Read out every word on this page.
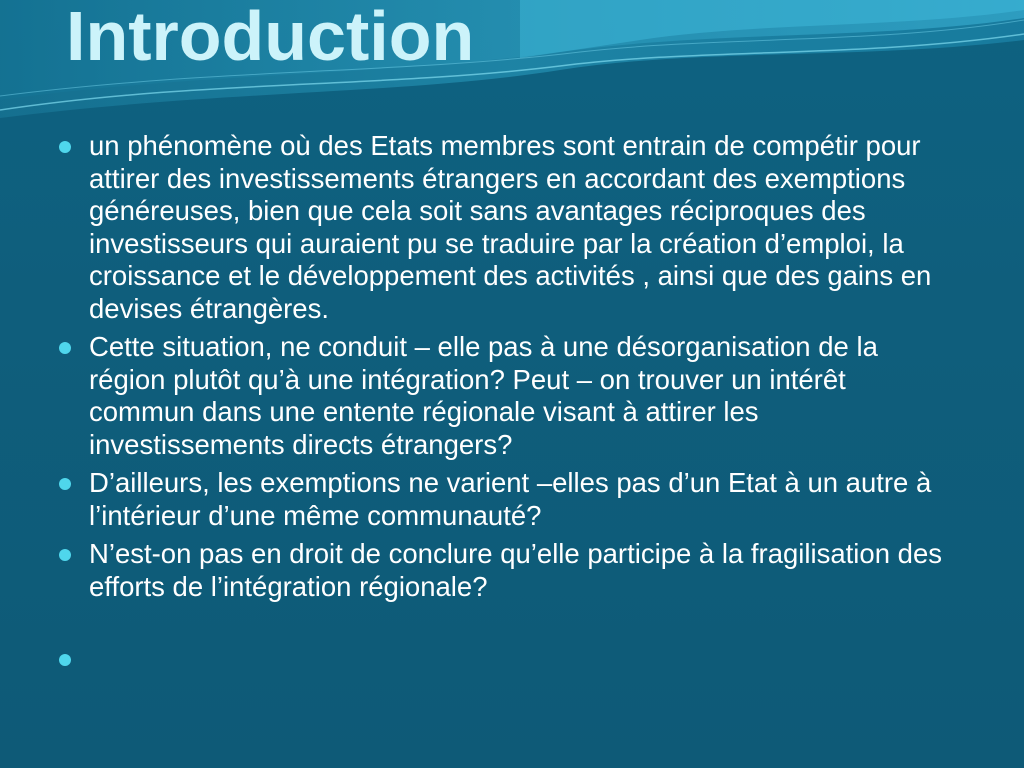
Introduction
un phénomène où des Etats membres sont entrain de compétir pour attirer des investissements étrangers en accordant des exemptions généreuses, bien que cela soit sans avantages réciproques des investisseurs qui auraient pu se traduire par la création d’emploi, la croissance et le développement des activités , ainsi que des gains en devises étrangères.
Cette situation, ne conduit – elle pas à une désorganisation de la région plutôt qu’à une intégration? Peut – on trouver un intérêt commun dans une entente régionale visant à attirer les investissements directs étrangers?
D’ailleurs, les exemptions ne varient –elles pas d’un Etat à un autre à l’intérieur d’une même communauté?
N’est-on pas en droit de conclure qu’elle participe à la fragilisation des efforts de l’intégration régionale?
